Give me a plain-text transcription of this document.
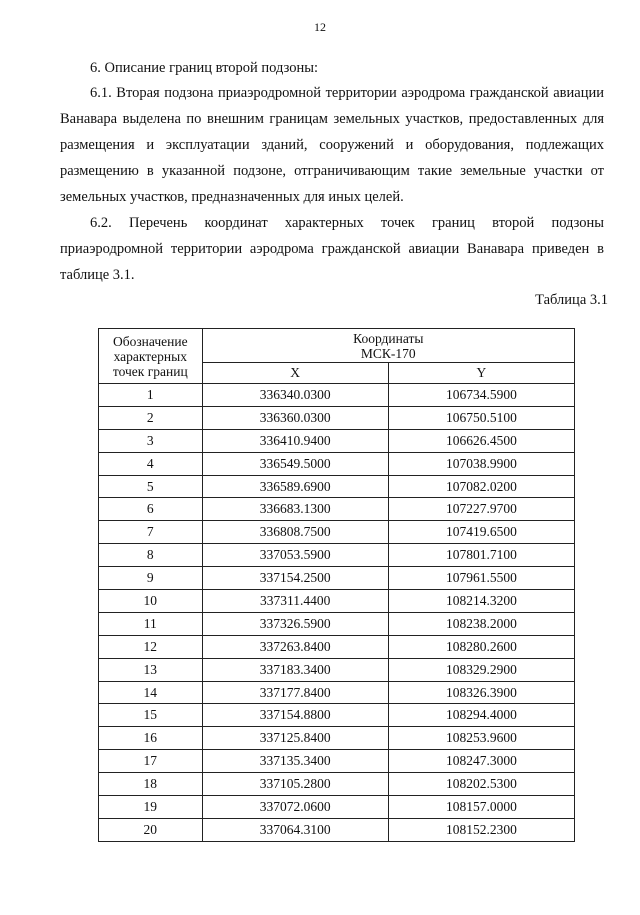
12
6. Описание границ второй подзоны:

6.1. Вторая подзона приаэродромной территории аэродрома гражданской авиации Ванавара выделена по внешним границам земельных участков, предоставленных для размещения и эксплуатации зданий, сооружений и оборудования, подлежащих размещению в указанной подзоне, отграничивающим такие земельные участки от земельных участков, предназначенных для иных целей.

6.2. Перечень координат характерных точек границ второй подзоны приаэродромной территории аэродрома гражданской авиации Ванавара приведен в таблице 3.1.

Таблица 3.1
Обозначение
характерных
точек границ	Координаты
МСК-170	

	X	Y
1	336340.0300	106734.5900
2	336360.0300	106750.5100
3	336410.9400	106626.4500
4	336549.5000	107038.9900
5	336589.6900	107082.0200
6	336683.1300	107227.9700
7	336808.7500	107419.6500
8	337053.5900	107801.7100
9	337154.2500	107961.5500
10	337311.4400	108214.3200
11	337326.5900	108238.2000
12	337263.8400	108280.2600
13	337183.3400	108329.2900
14	337177.8400	108326.3900
15	337154.8800	108294.4000
16	337125.8400	108253.9600
17	337135.3400	108247.3000
18	337105.2800	108202.5300
19	337072.0600	108157.0000
20	337064.3100	108152.2300
